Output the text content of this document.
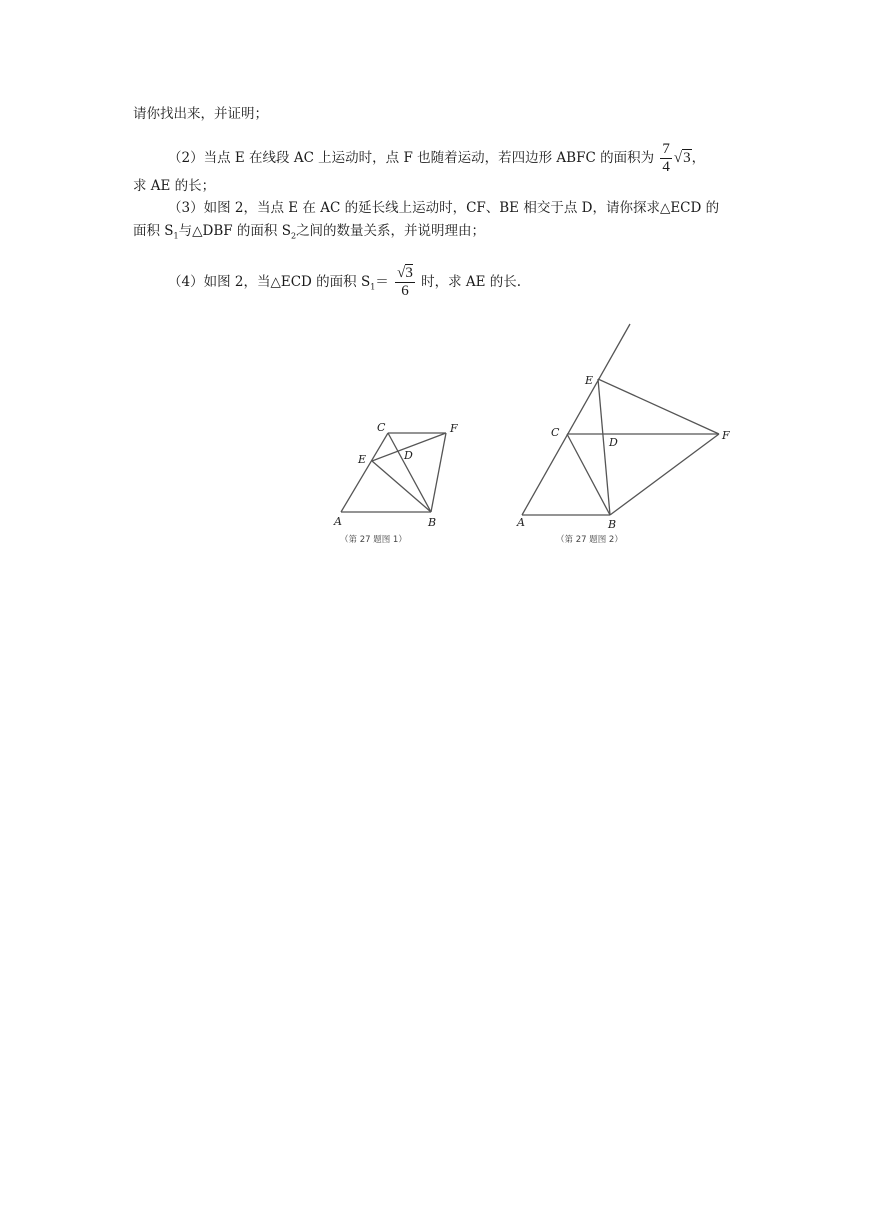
请你找出来，并证明；
（2）当点 E 在线段 AC 上运动时，点 F 也随着运动，若四边形 ABFC 的面积为 $\frac{7}{4} √3$，
求 AE 的长；
（3）如图 2，当点 E 在 AC 的延长线上运动时，CF、BE 相交于点 D，请你探求△ECD 的
面积 $S_1$与△DBF 的面积 $S_2$之间的数量关系，并说明理由；
（4）如图 2，当△ECD 的面积 $S_1= \frac{√3}{6}$ 时，求 AE 的长.
A	B
C
D
E
F
（第 27 题图 1）
A	B
C
D
E
F
（第 27 题图 2）
